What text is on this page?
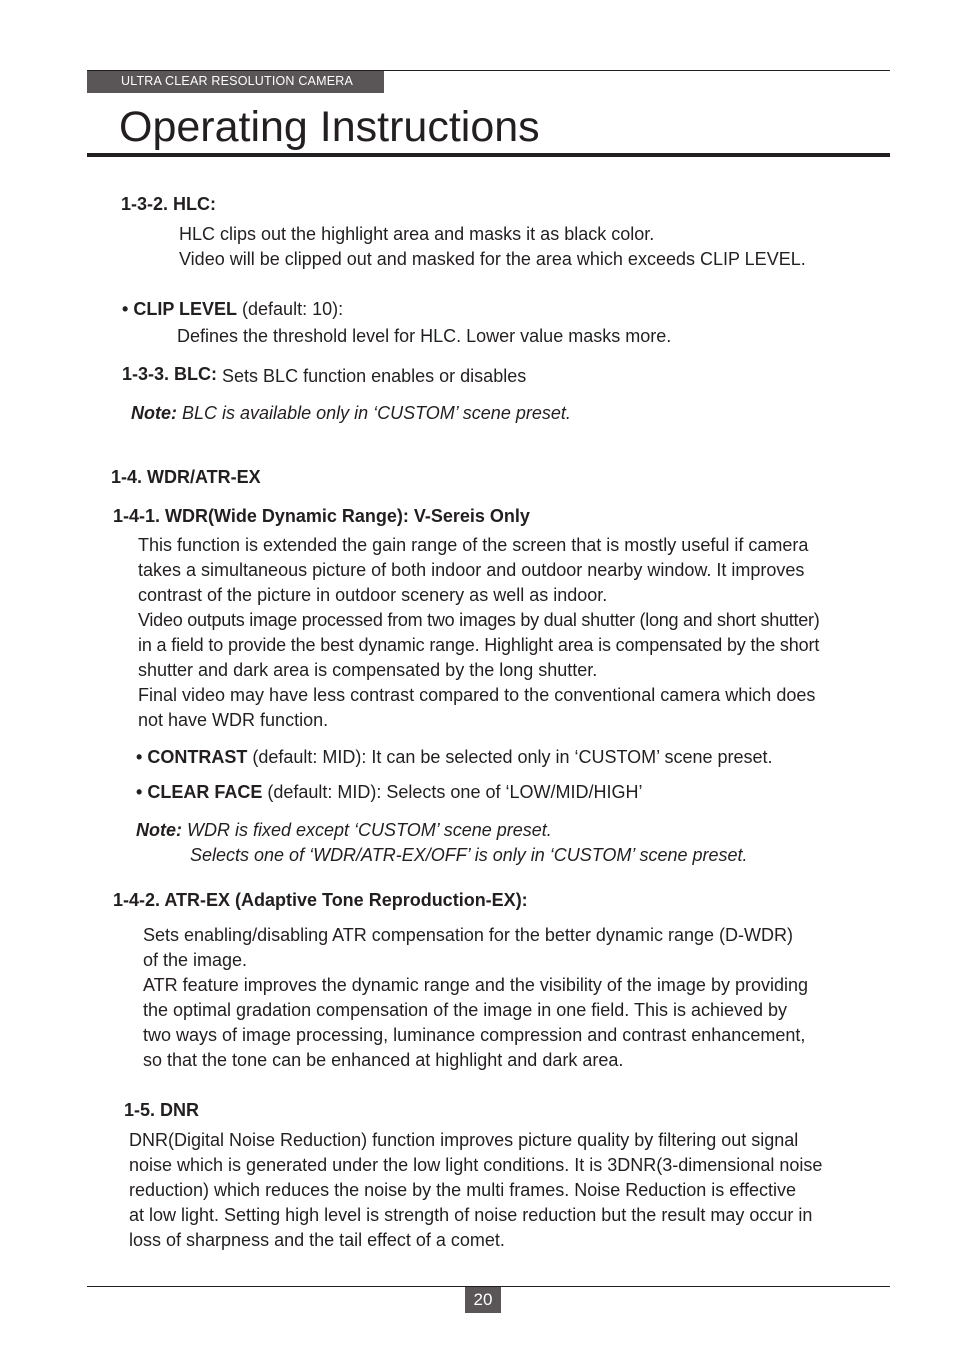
ULTRA CLEAR RESOLUTION CAMERA
Operating Instructions
1-3-2. HLC:
HLC clips out the highlight area and masks it as black color.
Video will be clipped out and masked for the area which exceeds CLIP LEVEL.
• CLIP LEVEL (default: 10):
Defines the threshold level for HLC. Lower value masks more.
1-3-3. BLC: Sets BLC function enables or disables
Note: BLC is available only in ‘CUSTOM’ scene preset.
1-4. WDR/ATR-EX
1-4-1. WDR(Wide Dynamic Range): V-Sereis Only
This function is extended the gain range of the screen that is mostly useful if camera
takes a simultaneous picture of both indoor and outdoor nearby window. It improves
contrast of the picture in outdoor scenery as well as indoor.
Video outputs image processed from two images by dual shutter (long and short shutter)
in a field to provide the best dynamic range. Highlight area is compensated by the short
shutter and dark area is compensated by the long shutter.
Final video may have less contrast compared to the conventional camera which does
not have WDR function.
• CONTRAST (default: MID): It can be selected only in ‘CUSTOM’ scene preset.
• CLEAR FACE (default: MID): Selects one of ‘LOW/MID/HIGH’
Note: WDR is fixed except ‘CUSTOM’ scene preset.
Selects one of ‘WDR/ATR-EX/OFF’ is only in ‘CUSTOM’ scene preset.
1-4-2. ATR-EX (Adaptive Tone Reproduction-EX):
Sets enabling/disabling ATR compensation for the better dynamic range (D-WDR)
of the image.
ATR feature improves the dynamic range and the visibility of the image by providing
the optimal gradation compensation of the image in one field. This is achieved by
two ways of image processing, luminance compression and contrast enhancement,
so that the tone can be enhanced at highlight and dark area.
1-5. DNR
DNR(Digital Noise Reduction) function improves picture quality by filtering out signal
noise which is generated under the low light conditions. It is 3DNR(3-dimensional noise
reduction) which reduces the noise by the multi frames. Noise Reduction is effective
at low light. Setting high level is strength of noise reduction but the result may occur in
loss of sharpness and the tail effect of a comet.
20
